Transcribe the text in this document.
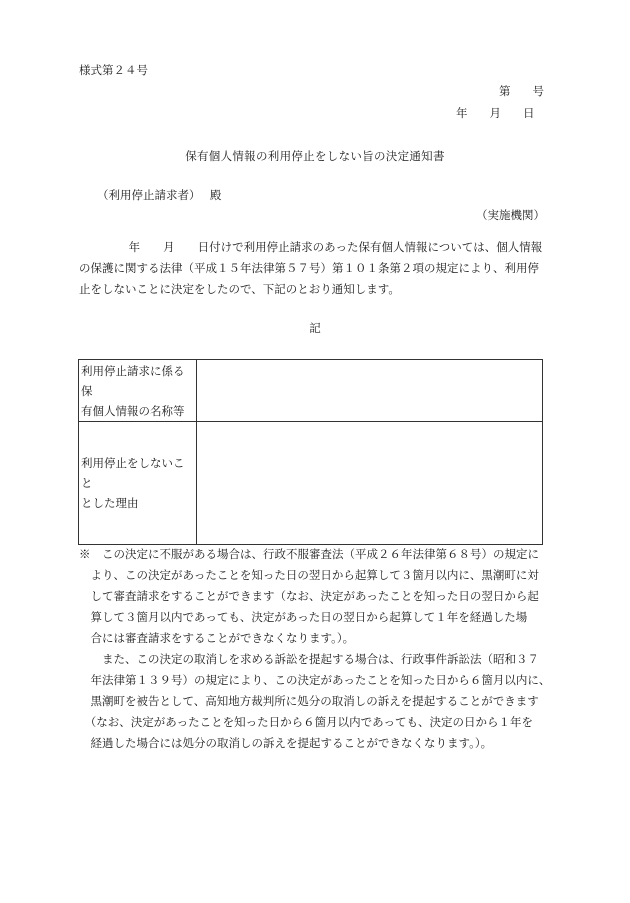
様式第２４号
第 号
年 月 日
保有個人情報の利用停止をしない旨の決定通知書
（利用停止請求者）　 殿
（実施機関）
　　　　 年　　月　　日付けで利用停止請求のあった保有個人情報については、個人情報
の保護に関する法律（平成１５年法律第５７号）第１０１条第２項の規定により、利用停
止をしないことに決定をしたので、下記のとおり通知します。
記
利用停止請求に係る保
有個人情報の名称等	
利用停止をしないこと
とした理由	
※　この決定に不服がある場合は、行政不服審査法（平成２６年法律第６８号）の規定に
　より、この決定があったことを知った日の翌日から起算して３箇月以内に、黒潮町に対
　して審査請求をすることができます（なお、決定があったことを知った日の翌日から起
　算して３箇月以内であっても、決定があった日の翌日から起算して１年を経過した場
　合には審査請求をすることができなくなります。）。
　　また、この決定の取消しを求める訴訟を提起する場合は、行政事件訴訟法（昭和３７
　年法律第１３９号）の規定により、この決定があったことを知った日から６箇月以内に、
　黒潮町を被告として、高知地方裁判所に処分の取消しの訴えを提起することができます
　（なお、決定があったことを知った日から６箇月以内であっても、決定の日から１年を
　経過した場合には処分の取消しの訴えを提起することができなくなります。）。
